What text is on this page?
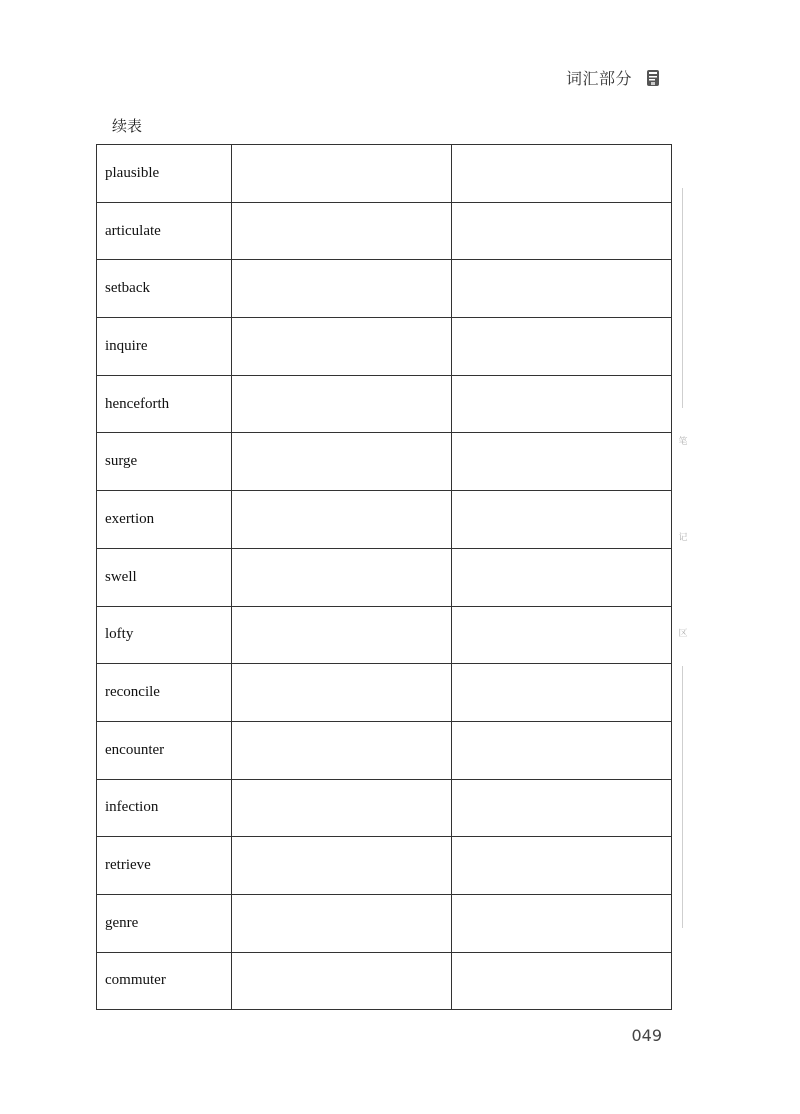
词汇部分
续表
plausible		
articulate		
setback		
inquire		
henceforth		
surge		
exertion		
swell		
lofty		
reconcile		
encounter		
infection		
retrieve		
genre		
commuter		
笔
记
区
049
